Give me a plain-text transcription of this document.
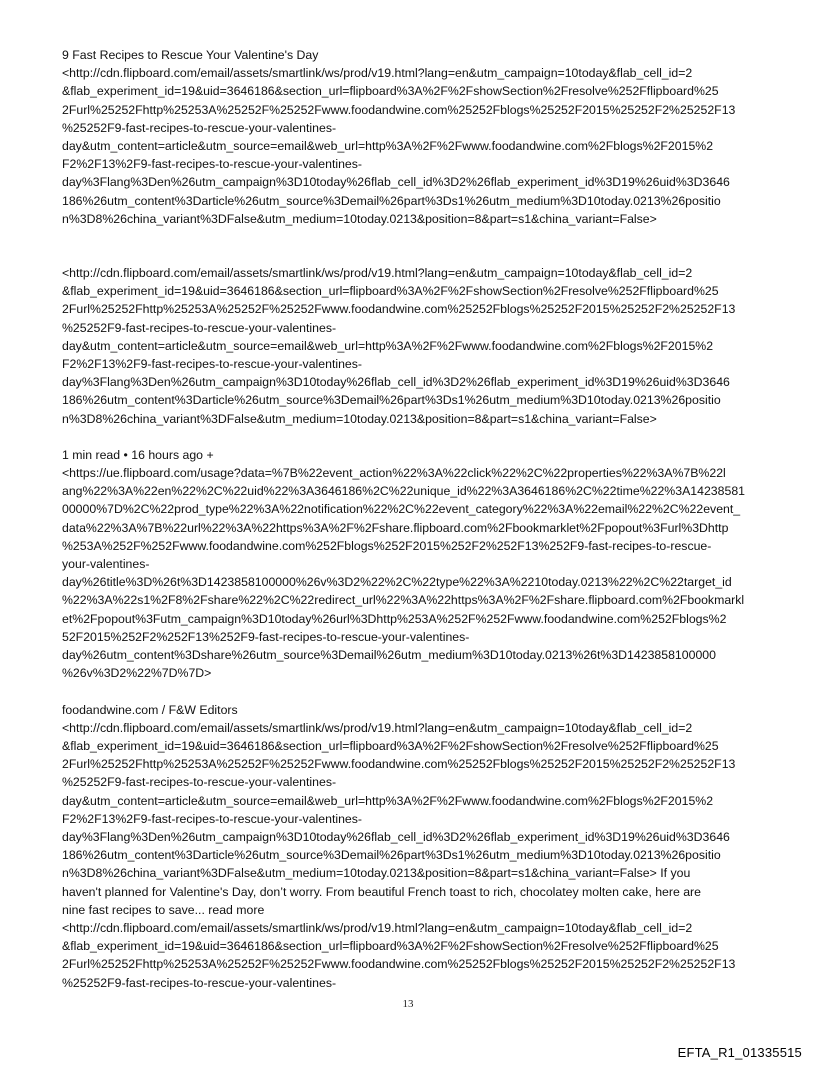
9 Fast Recipes to Rescue Your Valentine's Day
<http://cdn.flipboard.com/email/assets/smartlink/ws/prod/v19.html?lang=en&utm_campaign=10today&flab_cell_id=2
&flab_experiment_id=19&uid=3646186&section_url=flipboard%3A%2F%2FshowSection%2Fresolve%252Fflipboard%25
2Furl%25252Fhttp%25253A%25252F%25252Fwww.foodandwine.com%25252Fblogs%25252F2015%25252F2%25252F13
%25252F9-fast-recipes-to-rescue-your-valentines-
day&utm_content=article&utm_source=email&web_url=http%3A%2F%2Fwww.foodandwine.com%2Fblogs%2F2015%2
F2%2F13%2F9-fast-recipes-to-rescue-your-valentines-
day%3Flang%3Den%26utm_campaign%3D10today%26flab_cell_id%3D2%26flab_experiment_id%3D19%26uid%3D3646
186%26utm_content%3Darticle%26utm_source%3Demail%26part%3Ds1%26utm_medium%3D10today.0213%26positio
n%3D8%26china_variant%3DFalse&utm_medium=10today.0213&position=8&part=s1&china_variant=False>
<http://cdn.flipboard.com/email/assets/smartlink/ws/prod/v19.html?lang=en&utm_campaign=10today&flab_cell_id=2
&flab_experiment_id=19&uid=3646186&section_url=flipboard%3A%2F%2FshowSection%2Fresolve%252Fflipboard%25
2Furl%25252Fhttp%25253A%25252F%25252Fwww.foodandwine.com%25252Fblogs%25252F2015%25252F2%25252F13
%25252F9-fast-recipes-to-rescue-your-valentines-
day&utm_content=article&utm_source=email&web_url=http%3A%2F%2Fwww.foodandwine.com%2Fblogs%2F2015%2
F2%2F13%2F9-fast-recipes-to-rescue-your-valentines-
day%3Flang%3Den%26utm_campaign%3D10today%26flab_cell_id%3D2%26flab_experiment_id%3D19%26uid%3D3646
186%26utm_content%3Darticle%26utm_source%3Demail%26part%3Ds1%26utm_medium%3D10today.0213%26positio
n%3D8%26china_variant%3DFalse&utm_medium=10today.0213&position=8&part=s1&china_variant=False>
1 min read • 16 hours ago +
<https://ue.flipboard.com/usage?data=%7B%22event_action%22%3A%22click%22%2C%22properties%22%3A%7B%22l
ang%22%3A%22en%22%2C%22uid%22%3A3646186%2C%22unique_id%22%3A3646186%2C%22time%22%3A14238581
00000%7D%2C%22prod_type%22%3A%22notification%22%2C%22event_category%22%3A%22email%22%2C%22event_
data%22%3A%7B%22url%22%3A%22https%3A%2F%2Fshare.flipboard.com%2Fbookmarklet%2Fpopout%3Furl%3Dhttp
%253A%252F%252Fwww.foodandwine.com%252Fblogs%252F2015%252F2%252F13%252F9-fast-recipes-to-rescue-
your-valentines-
day%26title%3D%26t%3D1423858100000%26v%3D2%22%2C%22type%22%3A%2210today.0213%22%2C%22target_id
%22%3A%22s1%2F8%2Fshare%22%2C%22redirect_url%22%3A%22https%3A%2F%2Fshare.flipboard.com%2Fbookmarkl
et%2Fpopout%3Futm_campaign%3D10today%26url%3Dhttp%253A%252F%252Fwww.foodandwine.com%252Fblogs%2
52F2015%252F2%252F13%252F9-fast-recipes-to-rescue-your-valentines-
day%26utm_content%3Dshare%26utm_source%3Demail%26utm_medium%3D10today.0213%26t%3D1423858100000
%26v%3D2%22%7D%7D>
foodandwine.com / F&W Editors
<http://cdn.flipboard.com/email/assets/smartlink/ws/prod/v19.html?lang=en&utm_campaign=10today&flab_cell_id=2
&flab_experiment_id=19&uid=3646186&section_url=flipboard%3A%2F%2FshowSection%2Fresolve%252Fflipboard%25
2Furl%25252Fhttp%25253A%25252F%25252Fwww.foodandwine.com%25252Fblogs%25252F2015%25252F2%25252F13
%25252F9-fast-recipes-to-rescue-your-valentines-
day&utm_content=article&utm_source=email&web_url=http%3A%2F%2Fwww.foodandwine.com%2Fblogs%2F2015%2
F2%2F13%2F9-fast-recipes-to-rescue-your-valentines-
day%3Flang%3Den%26utm_campaign%3D10today%26flab_cell_id%3D2%26flab_experiment_id%3D19%26uid%3D3646
186%26utm_content%3Darticle%26utm_source%3Demail%26part%3Ds1%26utm_medium%3D10today.0213%26positio
n%3D8%26china_variant%3DFalse&utm_medium=10today.0213&position=8&part=s1&china_variant=False> If you
haven't planned for Valentine's Day, don’t worry. From beautiful French toast to rich, chocolatey molten cake, here are
nine fast recipes to save... read more
<http://cdn.flipboard.com/email/assets/smartlink/ws/prod/v19.html?lang=en&utm_campaign=10today&flab_cell_id=2
&flab_experiment_id=19&uid=3646186&section_url=flipboard%3A%2F%2FshowSection%2Fresolve%252Fflipboard%25
2Furl%25252Fhttp%25253A%25252F%25252Fwww.foodandwine.com%25252Fblogs%25252F2015%25252F2%25252F13
%25252F9-fast-recipes-to-rescue-your-valentines-
13
EFTA_R1_01335515
